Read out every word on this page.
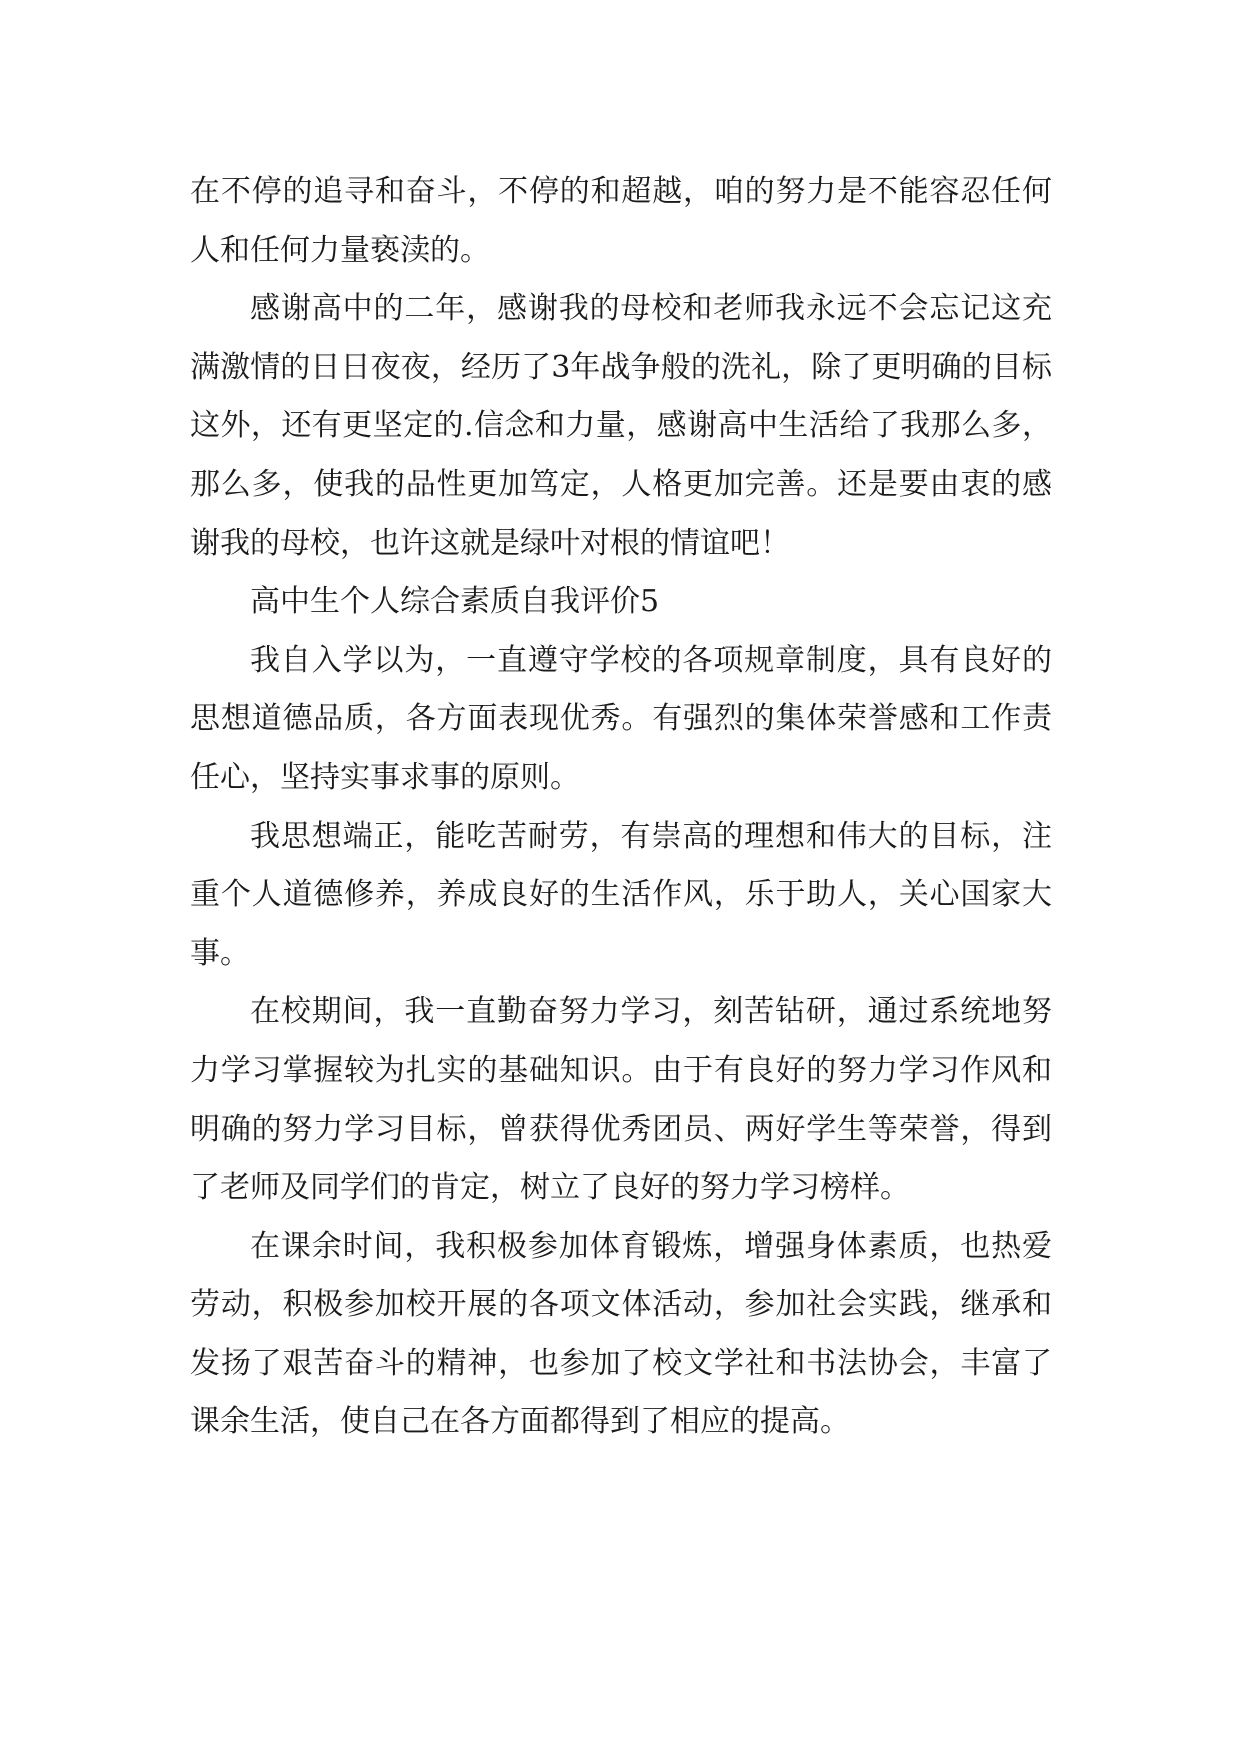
在不停的追寻和奋斗，不停的和超越，咱的努力是不能容忍任何人和任何力量亵渎的。

感谢高中的二年，感谢我的母校和老师我永远不会忘记这充满激情的日日夜夜，经历了3年战争般的洗礼，除了更明确的目标这外，还有更坚定的.信念和力量，感谢高中生活给了我那么多，那么多，使我的品性更加笃定，人格更加完善。还是要由衷的感谢我的母校，也许这就是绿叶对根的情谊吧！

高中生个人综合素质自我评价5

我自入学以为，一直遵守学校的各项规章制度，具有良好的思想道德品质，各方面表现优秀。有强烈的集体荣誉感和工作责任心，坚持实事求事的原则。

我思想端正，能吃苦耐劳，有崇高的理想和伟大的目标，注重个人道德修养，养成良好的生活作风，乐于助人，关心国家大事。

在校期间，我一直勤奋努力学习，刻苦钻研，通过系统地努力学习掌握较为扎实的基础知识。由于有良好的努力学习作风和明确的努力学习目标，曾获得优秀团员、两好学生等荣誉，得到了老师及同学们的肯定，树立了良好的努力学习榜样。

在课余时间，我积极参加体育锻炼，增强身体素质，也热爱劳动，积极参加校开展的各项文体活动，参加社会实践，继承和发扬了艰苦奋斗的精神，也参加了校文学社和书法协会，丰富了课余生活，使自己在各方面都得到了相应的提高。
